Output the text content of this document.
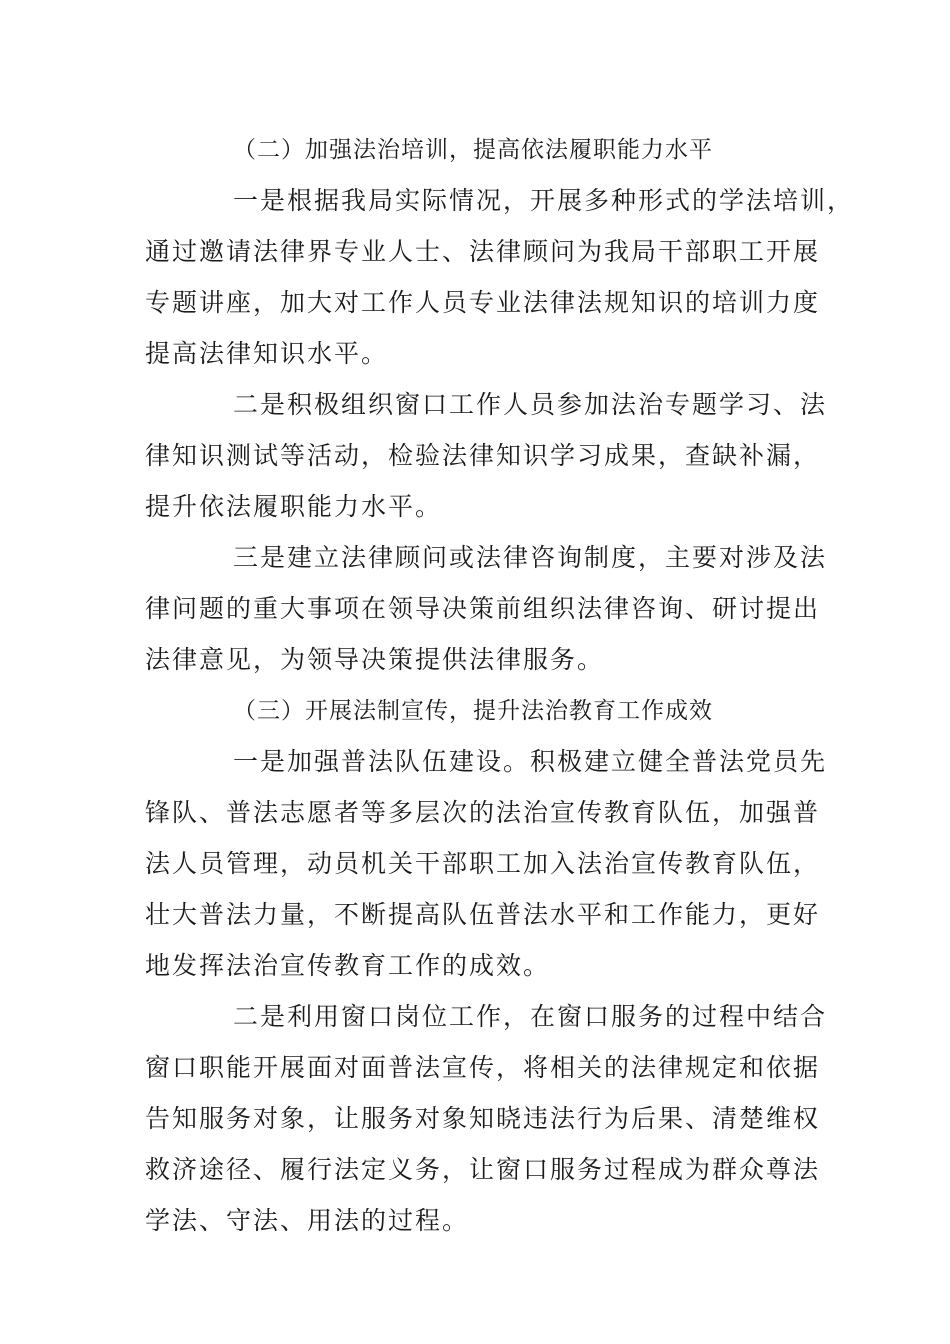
（二）加强法治培训，提高依法履职能力水平
一是根据我局实际情况，开展多种形式的学法培训，
通过邀请法律界专业人士、法律顾问为我局干部职工开展
专题讲座，加大对工作人员专业法律法规知识的培训力度
提高法律知识水平。
二是积极组织窗口工作人员参加法治专题学习、法
律知识测试等活动，检验法律知识学习成果，查缺补漏，
提升依法履职能力水平。
三是建立法律顾问或法律咨询制度，主要对涉及法
律问题的重大事项在领导决策前组织法律咨询、研讨提出
法律意见，为领导决策提供法律服务。
（三）开展法制宣传，提升法治教育工作成效
一是加强普法队伍建设。积极建立健全普法党员先
锋队、普法志愿者等多层次的法治宣传教育队伍，加强普
法人员管理，动员机关干部职工加入法治宣传教育队伍，
壮大普法力量，不断提高队伍普法水平和工作能力，更好
地发挥法治宣传教育工作的成效。
二是利用窗口岗位工作，在窗口服务的过程中结合
窗口职能开展面对面普法宣传，将相关的法律规定和依据
告知服务对象，让服务对象知晓违法行为后果、清楚维权
救济途径、履行法定义务，让窗口服务过程成为群众尊法
学法、守法、用法的过程。
